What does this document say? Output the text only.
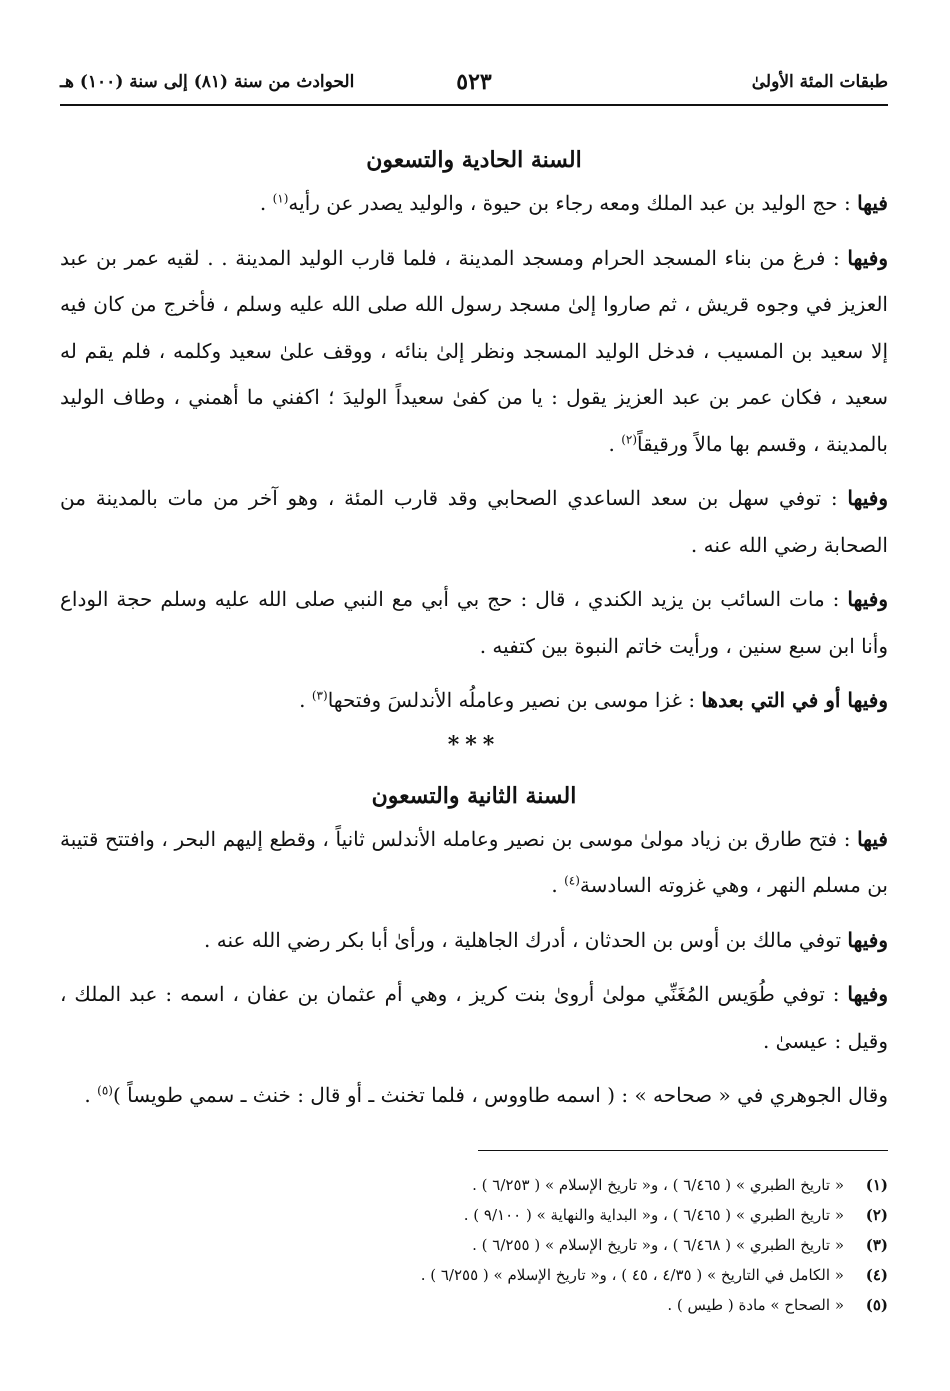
طبقات المئة الأولىٰ
٥٢٣
الحوادث من سنة (٨١) إلى سنة (١٠٠) هـ
السنة الحادية والتسعون

فيها : حج الوليد بن عبد الملك ومعه رجاء بن حيوة ، والوليد يصدر عن رأيه$^{(١)}$ .

وفيها : فرغ من بناء المسجد الحرام ومسجد المدينة ، فلما قارب الوليد المدينة . . لقيه عمر بن عبد العزيز في وجوه قريش ، ثم صاروا إلىٰ مسجد رسول الله صلى الله عليه وسلم ، فأخرج من كان فيه إلا سعيد بن المسيب ، فدخل الوليد المسجد ونظر إلىٰ بنائه ، ووقف علىٰ سعيد وكلمه ، فلم يقم له سعيد ، فكان عمر بن عبد العزيز يقول : يا من كفىٰ سعيداً الوليدَ ؛ اكفني ما أهمني ، وطاف الوليد بالمدينة ، وقسم بها مالاً ورقيقاً$^{(٢)}$ .

وفيها : توفي سهل بن سعد الساعدي الصحابي وقد قارب المئة ، وهو آخر من مات بالمدينة من الصحابة رضي الله عنه .

وفيها : مات السائب بن يزيد الكندي ، قال : حج بي أبي مع النبي صلى الله عليه وسلم حجة الوداع وأنا ابن سبع سنين ، ورأيت خاتم النبوة بين كتفيه .

وفيها أو في التي بعدها : غزا موسى بن نصير وعاملُه الأندلسَ وفتحها$^{(٣)}$ .

***
السنة الثانية والتسعون

فيها : فتح طارق بن زياد مولىٰ موسى بن نصير وعامله الأندلس ثانياً ، وقطع إليهم البحر ، وافتتح قتيبة بن مسلم النهر ، وهي غزوته السادسة$^{(٤)}$ .

وفيها توفي مالك بن أوس بن الحدثان ، أدرك الجاهلية ، ورأىٰ أبا بكر رضي الله عنه .

وفيها : توفي طُوَيس المُغَنِّي مولىٰ أروىٰ بنت كريز ، وهي أم عثمان بن عفان ، اسمه : عبد الملك ، وقيل : عيسىٰ .

وقال الجوهري في « صحاحه » : ( اسمه طاووس ، فلما تخنث ـ أو قال : خنث ـ سمي طويساً )$^{(٥)}$ .

(١)
« تاريخ الطبري » ( ٦/٤٦٥ ) ، و« تاريخ الإسلام » ( ٦/٢٥٣ ) .
(٢)
« تاريخ الطبري » ( ٦/٤٦٥ ) ، و« البداية والنهاية » ( ٩/١٠٠ ) .
(٣)
« تاريخ الطبري » ( ٦/٤٦٨ ) ، و« تاريخ الإسلام » ( ٦/٢٥٥ ) .
(٤)
« الكامل في التاريخ » ( ٤/٣٥ ، ٤٥ ) ، و« تاريخ الإسلام » ( ٦/٢٥٥ ) .
(٥)
« الصحاح » مادة ( طيس ) .
